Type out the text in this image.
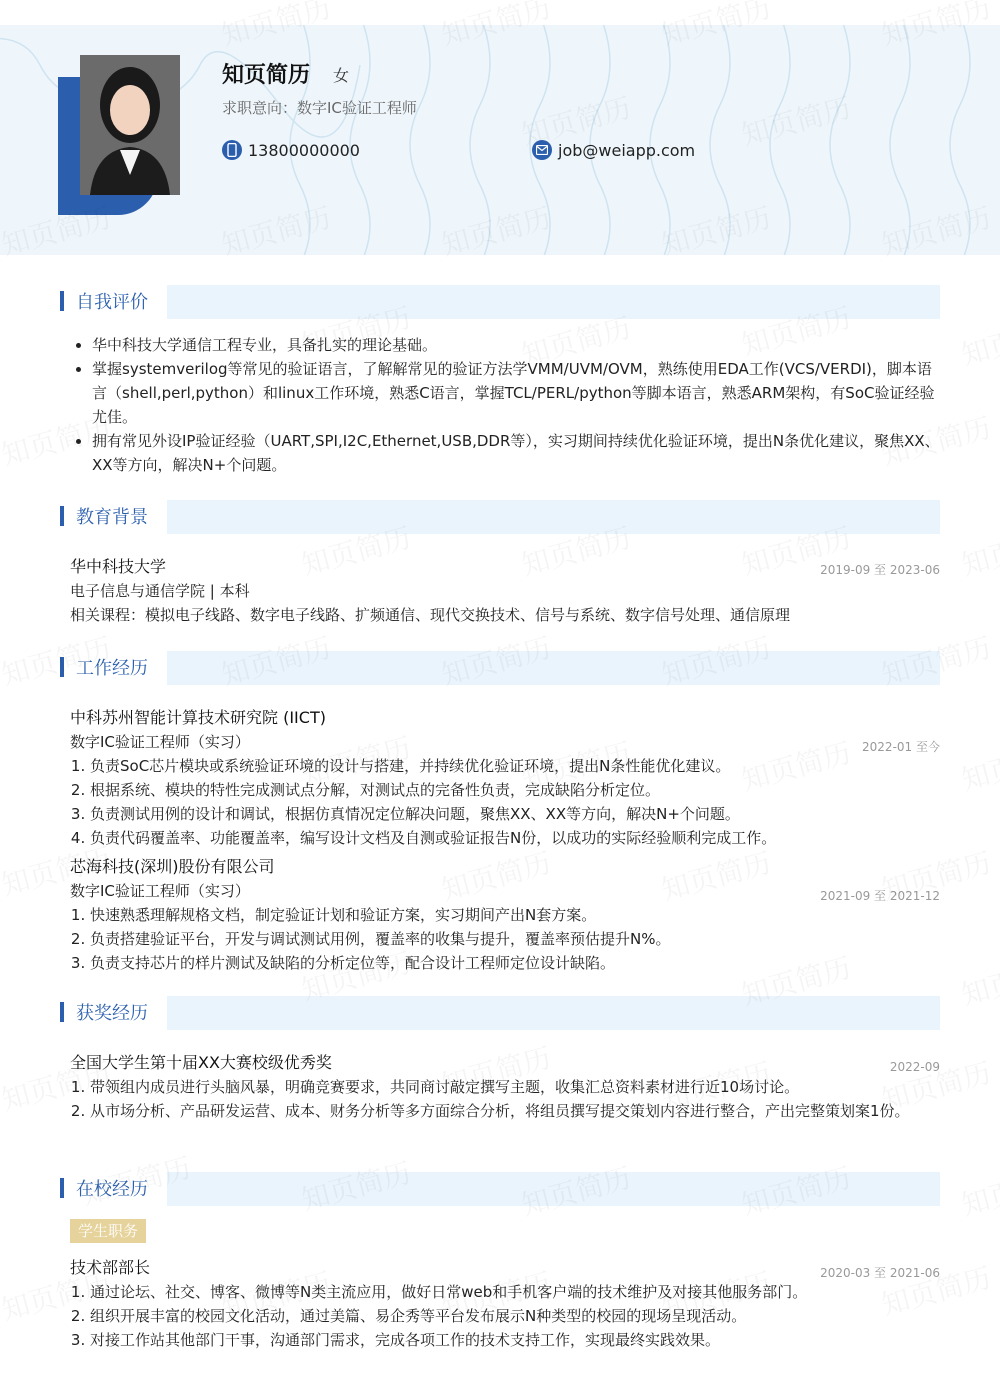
知页简历 女
求职意向：数字IC验证工程师
13800000000	job@weiapp.com
自我评价
• 华中科技大学通信工程专业，具备扎实的理论基础。
• 掌握systemverilog等常见的验证语言，了解解常见的验证方法学VMM/UVM/OVM，熟练使用EDA工作(VCS/VERDI)，脚本语言（shell,perl,python）和linux工作环境，熟悉C语言，掌握TCL/PERL/python等脚本语言，熟悉ARM架构，有SoC验证经验尤佳。
• 拥有常见外设IP验证经验（UART,SPI,I2C,Ethernet,USB,DDR等），实习期间持续优化验证环境，提出N条优化建议，聚焦XX、XX等方向，解决N+个问题。
教育背景
华中科技大学	2019-09 至 2023-06
电子信息与通信学院 | 本科
相关课程：模拟电子线路、数字电子线路、扩频通信、现代交换技术、信号与系统、数字信号处理、通信原理
工作经历
中科苏州智能计算技术研究院 (IICT)
数字IC验证工程师（实习）	2022-01 至今
1. 负责SoC芯片模块或系统验证环境的设计与搭建，并持续优化验证环境，提出N条性能优化建议。
2. 根据系统、模块的特性完成测试点分解，对测试点的完备性负责，完成缺陷分析定位。
3. 负责测试用例的设计和调试，根据仿真情况定位解决问题，聚焦XX、XX等方向，解决N+个问题。
4. 负责代码覆盖率、功能覆盖率，编写设计文档及自测或验证报告N份，以成功的实际经验顺利完成工作。
芯海科技(深圳)股份有限公司
数字IC验证工程师（实习）	2021-09 至 2021-12
1. 快速熟悉理解规格文档，制定验证计划和验证方案，实习期间产出N套方案。
2. 负责搭建验证平台，开发与调试测试用例，覆盖率的收集与提升，覆盖率预估提升N%。
3. 负责支持芯片的样片测试及缺陷的分析定位等，配合设计工程师定位设计缺陷。
获奖经历
全国大学生第十届XX大赛校级优秀奖	2022-09
1. 带领组内成员进行头脑风暴，明确竞赛要求，共同商讨敲定撰写主题，收集汇总资料素材进行近10场讨论。
2. 从市场分析、产品研发运营、成本、财务分析等多方面综合分析，将组员撰写提交策划内容进行整合，产出完整策划案1份。
在校经历
学生职务
技术部部长	2020-03 至 2021-06
1. 通过论坛、社交、博客、微博等N类主流应用，做好日常web和手机客户端的技术维护及对接其他服务部门。
2. 组织开展丰富的校园文化活动，通过美篇、易企秀等平台发布展示N种类型的校园的现场呈现活动。
3. 对接工作站其他部门干事，沟通部门需求，完成各项工作的技术支持工作，实现最终实践效果。
